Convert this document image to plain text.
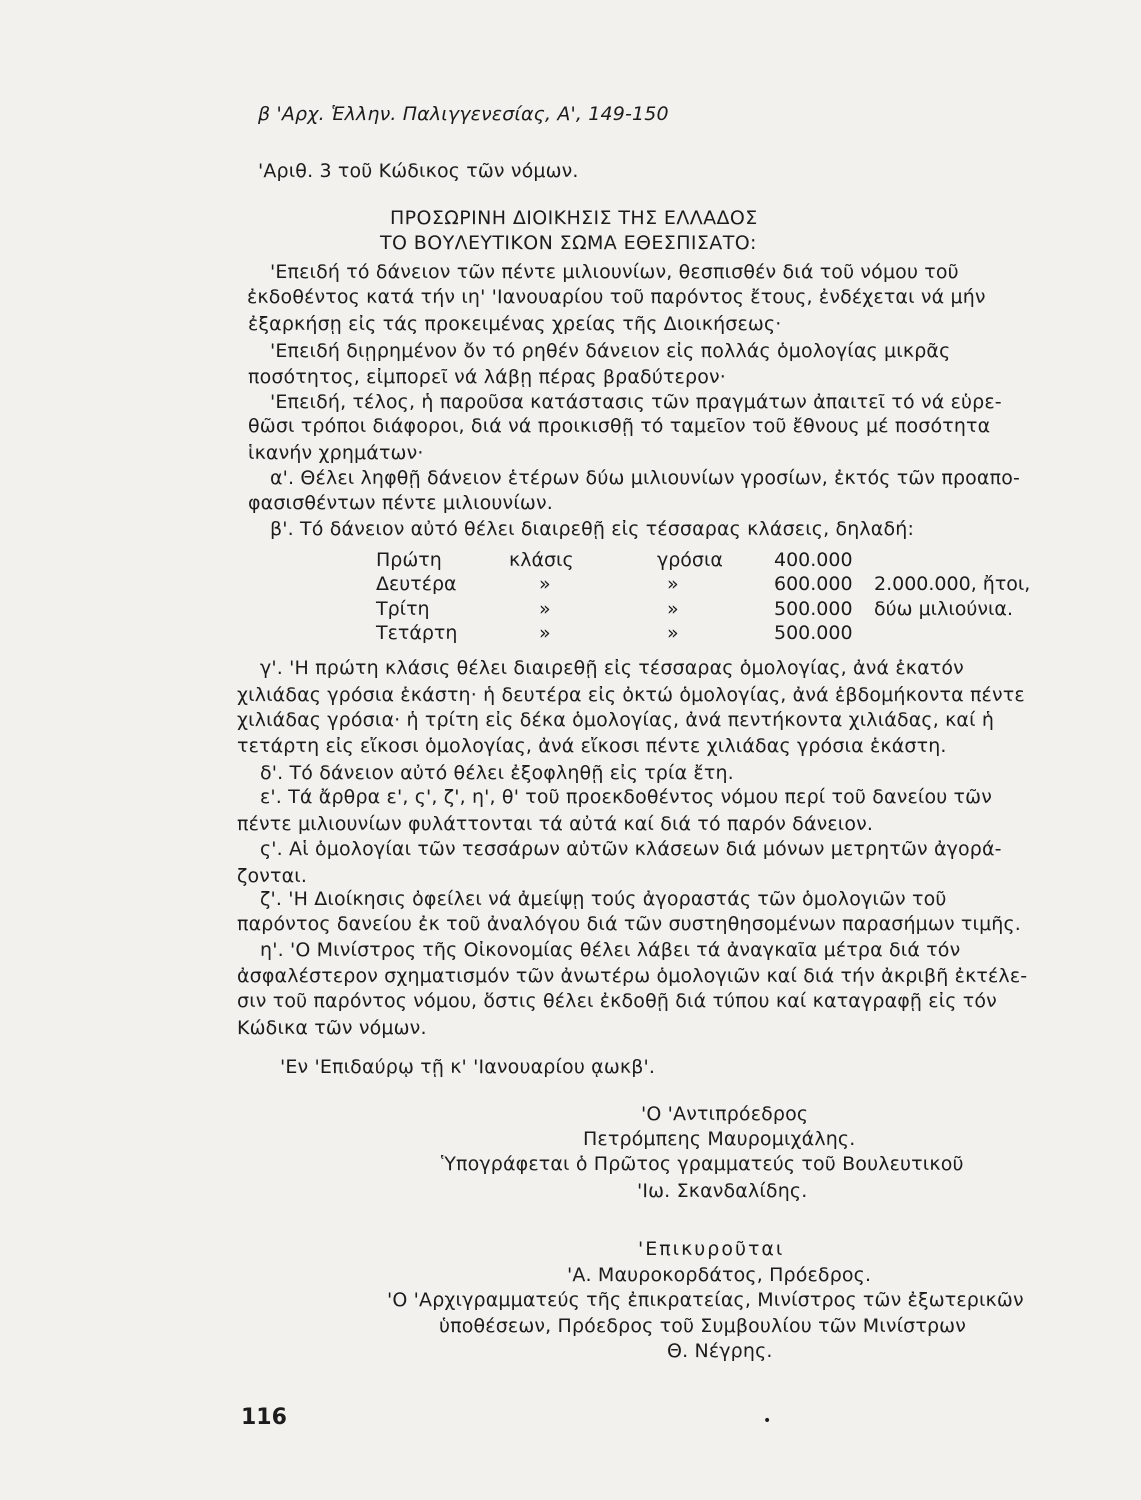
β 'Αρχ. Ἑλλην. Παλιγγενεσίας, Α', 149-150
'Αριθ. 3 τοῦ Κώδικος τῶν νόμων.
ΠΡΟΣΩΡΙΝΗ ΔΙΟΙΚΗΣΙΣ ΤΗΣ ΕΛΛΑΔΟΣ
ΤΟ ΒΟΥΛΕΥΤΙΚΟΝ ΣΩΜΑ ΕΘΕΣΠΙΣΑΤΟ:
'Επειδή τό δάνειον τῶν πέντε μιλιουνίων, θεσπισθέν διά τοῦ νόμου τοῦ
ἐκδοθέντος κατά τήν ιη' 'Ιανουαρίου τοῦ παρόντος ἔτους, ἐνδέχεται νά μήν
ἐξαρκήσῃ εἰς τάς προκειμένας χρείας τῆς Διοικήσεως·
'Επειδή διῃρημένον ὄν τό ρηθέν δάνειον εἰς πολλάς ὁμολογίας μικρᾶς
ποσότητος, εἰμπορεῖ νά λάβῃ πέρας βραδύτερον·
'Επειδή, τέλος, ἡ παροῦσα κατάστασις τῶν πραγμάτων ἀπαιτεῖ τό νά εὑρε-
θῶσι τρόποι διάφοροι, διά νά προικισθῇ τό ταμεῖον τοῦ ἔθνους μέ ποσότητα
ἱκανήν χρημάτων·
α'. Θέλει ληφθῇ δάνειον ἑτέρων δύω μιλιουνίων γροσίων, ἐκτός τῶν προαπο-
φασισθέντων πέντε μιλιουνίων.
β'. Τό δάνειον αὐτό θέλει διαιρεθῇ εἰς τέσσαρας κλάσεις, δηλαδή:
Πρώτη	κλάσις	γρόσια	400.000	
Δευτέρα	»	»	600.000	2.000.000, ἤτοι,
Τρίτη	»	»	500.000	δύω μιλιούνια.
Τετάρτη	»	»	500.000	
γ'. 'Η πρώτη κλάσις θέλει διαιρεθῇ εἰς τέσσαρας ὁμολογίας, ἀνά ἑκατόν
χιλιάδας γρόσια ἑκάστη· ἡ δευτέρα εἰς ὀκτώ ὁμολογίας, ἀνά ἑβδομήκοντα πέντε
χιλιάδας γρόσια· ἡ τρίτη εἰς δέκα ὁμολογίας, ἀνά πεντήκοντα χιλιάδας, καί ἡ
τετάρτη εἰς εἴκοσι ὁμολογίας, ἀνά εἴκοσι πέντε χιλιάδας γρόσια ἑκάστη.
δ'. Τό δάνειον αὐτό θέλει ἐξοφληθῇ εἰς τρία ἔτη.
ε'. Τά ἄρθρα ε', ς', ζ', η', θ' τοῦ προεκδοθέντος νόμου περί τοῦ δανείου τῶν
πέντε μιλιουνίων φυλάττονται τά αὐτά καί διά τό παρόν δάνειον.
ς'. Αἱ ὁμολογίαι τῶν τεσσάρων αὐτῶν κλάσεων διά μόνων μετρητῶν ἀγορά-
ζονται.
ζ'. 'Η Διοίκησις ὀφείλει νά ἀμείψῃ τούς ἀγοραστάς τῶν ὁμολογιῶν τοῦ
παρόντος δανείου ἐκ τοῦ ἀναλόγου διά τῶν συστηθησομένων παρασήμων τιμῆς.
η'. 'Ο Μινίστρος τῆς Οἰκονομίας θέλει λάβει τά ἀναγκαῖα μέτρα διά τόν
ἀσφαλέστερον σχηματισμόν τῶν ἀνωτέρω ὁμολογιῶν καί διά τήν ἀκριβῆ ἐκτέλε-
σιν τοῦ παρόντος νόμου, ὅστις θέλει ἐκδοθῇ διά τύπου καί καταγραφῇ εἰς τόν
Κώδικα τῶν νόμων.
'Εν 'Επιδαύρῳ τῇ κ' 'Ιανουαρίου ᾳωκβ'.
'Ο 'Αντιπρόεδρος
Πετρόμπεης Μαυρομιχάλης.
Ὑπογράφεται ὁ Πρῶτος γραμματεύς τοῦ Βουλευτικοῦ
'Ιω. Σκανδαλίδης.
'Επικυροῦται
'Α. Μαυροκορδάτος, Πρόεδρος.
'Ο 'Αρχιγραμματεύς τῆς ἐπικρατείας, Μινίστρος τῶν ἐξωτερικῶν
ὑποθέσεων, Πρόεδρος τοῦ Συμβουλίου τῶν Μινίστρων
Θ. Νέγρης.
116	•
